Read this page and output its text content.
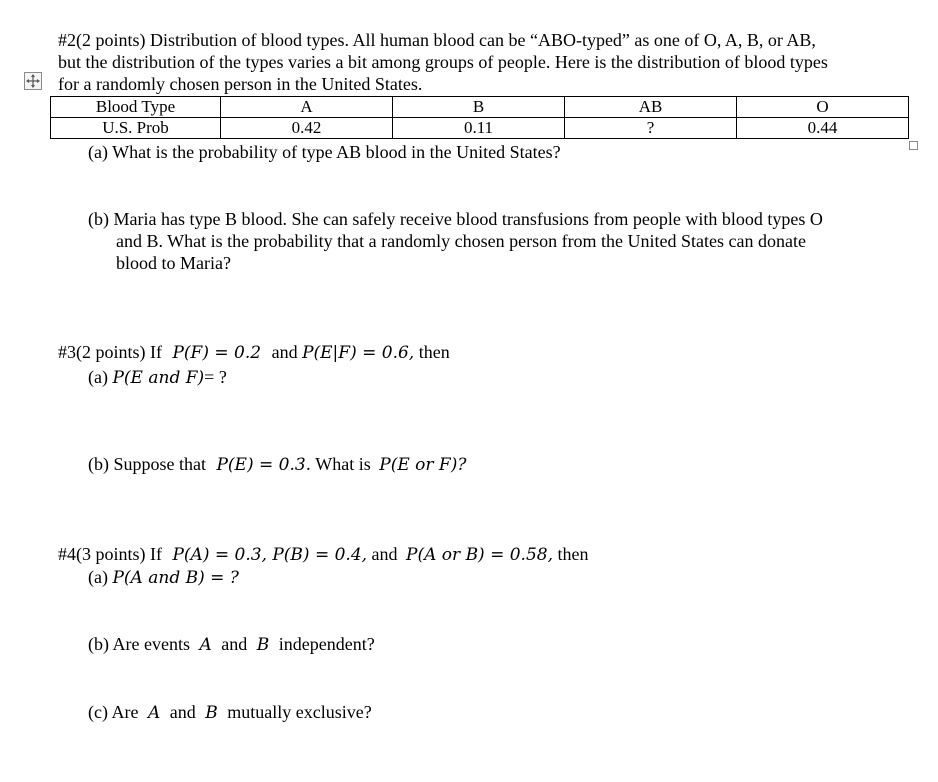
#2(2 points) Distribution of blood types. All human blood can be “ABO-typed” as one of O, A, B, or AB,
but the distribution of the types varies a bit among groups of people. Here is the distribution of blood types
for a randomly chosen person in the United States.
Blood Type	A	B	AB	O
U.S. Prob	0.42	0.11	?	0.44
(a) What is the probability of type AB blood in the United States?
(b) Maria has type B blood. She can safely receive blood transfusions from people with blood types O
and B. What is the probability that a randomly chosen person from the United States can donate
blood to Maria?
#3(2 points) If P(F) = 0.2 and P(E|F) = 0.6, then
(a) P(E and F)= ?
(b) Suppose that P(E) = 0.3. What is P(E or F)?
#4(3 points) If P(A) = 0.3, P(B) = 0.4, and P(A or B) = 0.58, then
(a) P(A and B) = ?
(b) Are events A and B independent?
(c) Are A and B mutually exclusive?
